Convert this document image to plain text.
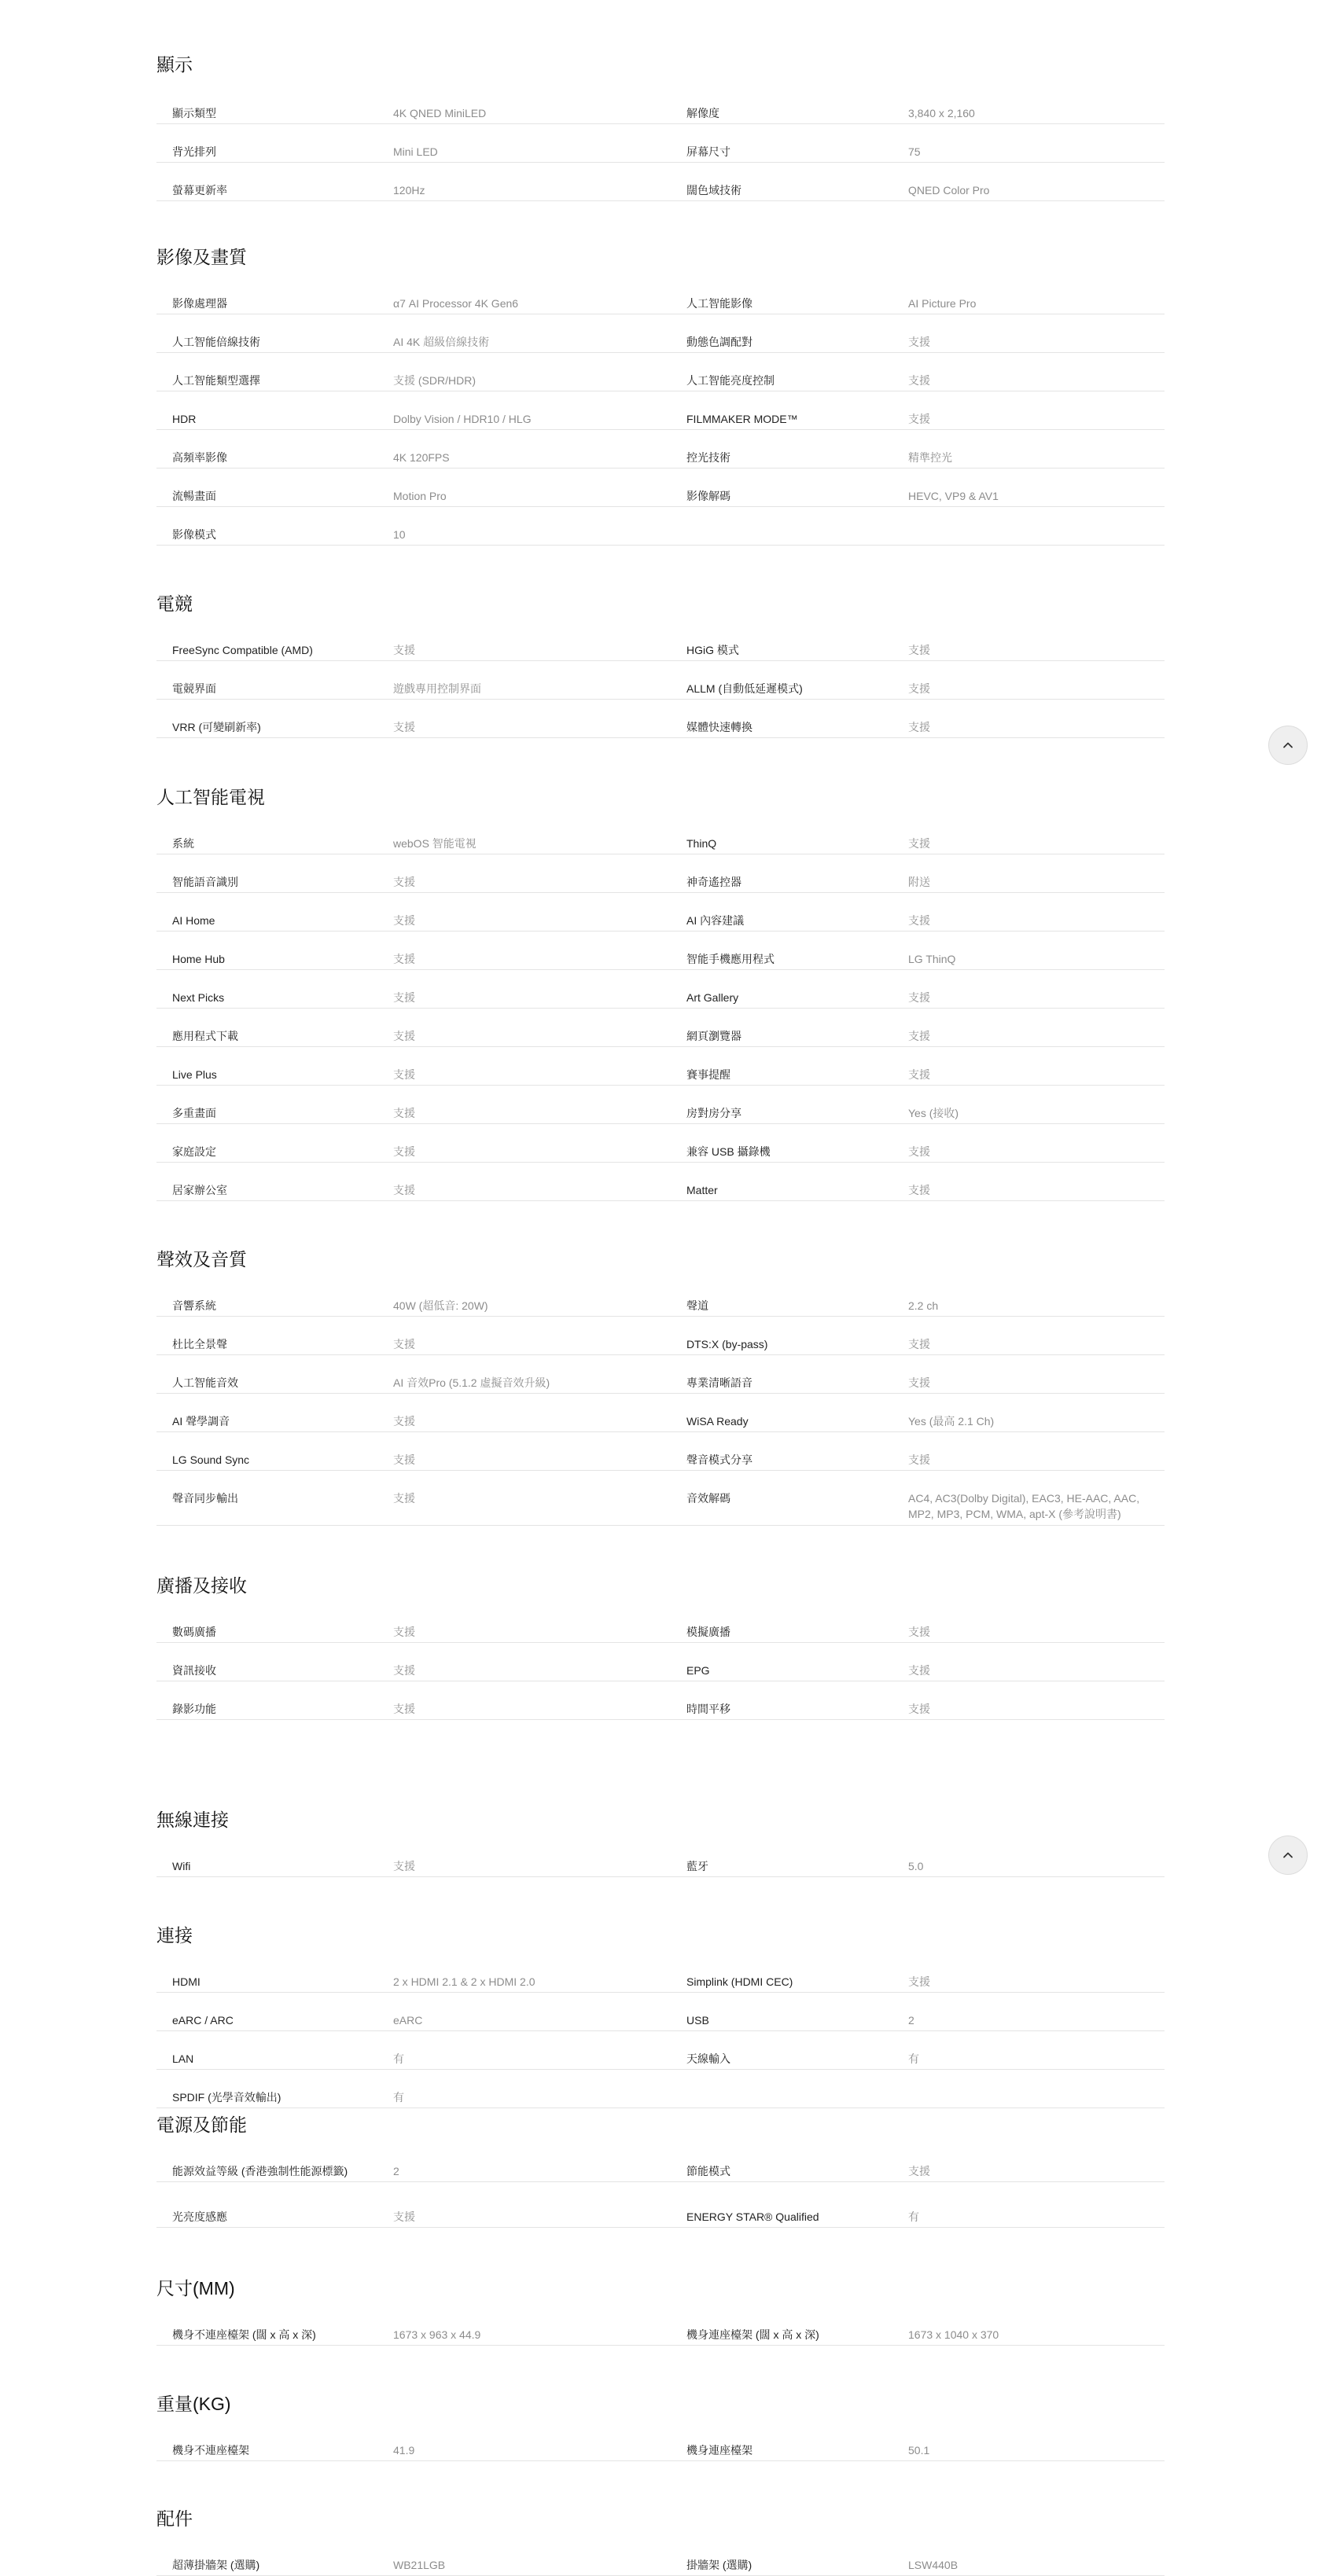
顯示
顯示類型	4K QNED MiniLED	解像度	3,840 x 2,160
背光排列	Mini LED	屏幕尺寸	75
螢幕更新率	120Hz	闊色域技術	QNED Color Pro
影像及畫質
影像處理器	α7 AI Processor 4K Gen6	人工智能影像	AI Picture Pro
人工智能倍線技術	AI 4K 超級倍線技術	動態色調配對	支援
人工智能類型選擇	支援 (SDR/HDR)	人工智能亮度控制	支援
HDR	Dolby Vision / HDR10 / HLG	FILMMAKER MODE™	支援
高頻率影像	4K 120FPS	控光技術	精準控光
流暢畫面	Motion Pro	影像解碼	HEVC, VP9 & AV1
影像模式	10
電競
FreeSync Compatible (AMD)	支援	HGiG 模式	支援
電競界面	遊戲專用控制界面	ALLM (自動低延遲模式)	支援
VRR (可變刷新率)	支援	媒體快速轉換	支援
人工智能電視
系統	webOS 智能電視	ThinQ	支援
智能語音識別	支援	神奇遙控器	附送
AI Home	支援	AI 內容建議	支援
Home Hub	支援	智能手機應用程式	LG ThinQ
Next Picks	支援	Art Gallery	支援
應用程式下載	支援	網頁瀏覽器	支援
Live Plus	支援	賽事提醒	支援
多重畫面	支援	房對房分享	Yes (接收)
家庭設定	支援	兼容 USB 攝錄機	支援
居家辦公室	支援	Matter	支援
聲效及音質
音響系統	40W (超低音: 20W)	聲道	2.2 ch
杜比全景聲	支援	DTS:X (by-pass)	支援
人工智能音效	AI 音效Pro (5.1.2 虛擬音效升級)	專業清晰語音	支援
AI 聲學調音	支援	WiSA Ready	Yes (最高 2.1 Ch)
LG Sound Sync	支援	聲音模式分享	支援
聲音同步輸出	支援	音效解碼	AC4, AC3(Dolby Digital), EAC3, HE-AAC, AAC, MP2, MP3, PCM, WMA, apt-X (參考說明書)
廣播及接收
數碼廣播	支援	模擬廣播	支援
資訊接收	支援	EPG	支援
錄影功能	支援	時間平移	支援
無線連接
Wifi	支援	藍牙	5.0
連接
HDMI	2 x HDMI 2.1 & 2 x HDMI 2.0	Simplink (HDMI CEC)	支援
eARC / ARC	eARC	USB	2
LAN	有	天線輸入	有
SPDIF (光學音效輸出)	有
電源及節能
能源效益等級 (香港強制性能源標籤)	2	節能模式	支援
光亮度感應	支援	ENERGY STAR® Qualified	有
尺寸(MM)
機身不連座檯架 (闊 x 高 x 深)	1673 x 963 x 44.9	機身連座檯架 (闊 x 高 x 深)	1673 x 1040 x 370
重量(KG)
機身不連座檯架	41.9	機身連座檯架	50.1
配件
超薄掛牆架 (選購)	WB21LGB	掛牆架 (選購)	LSW440B
